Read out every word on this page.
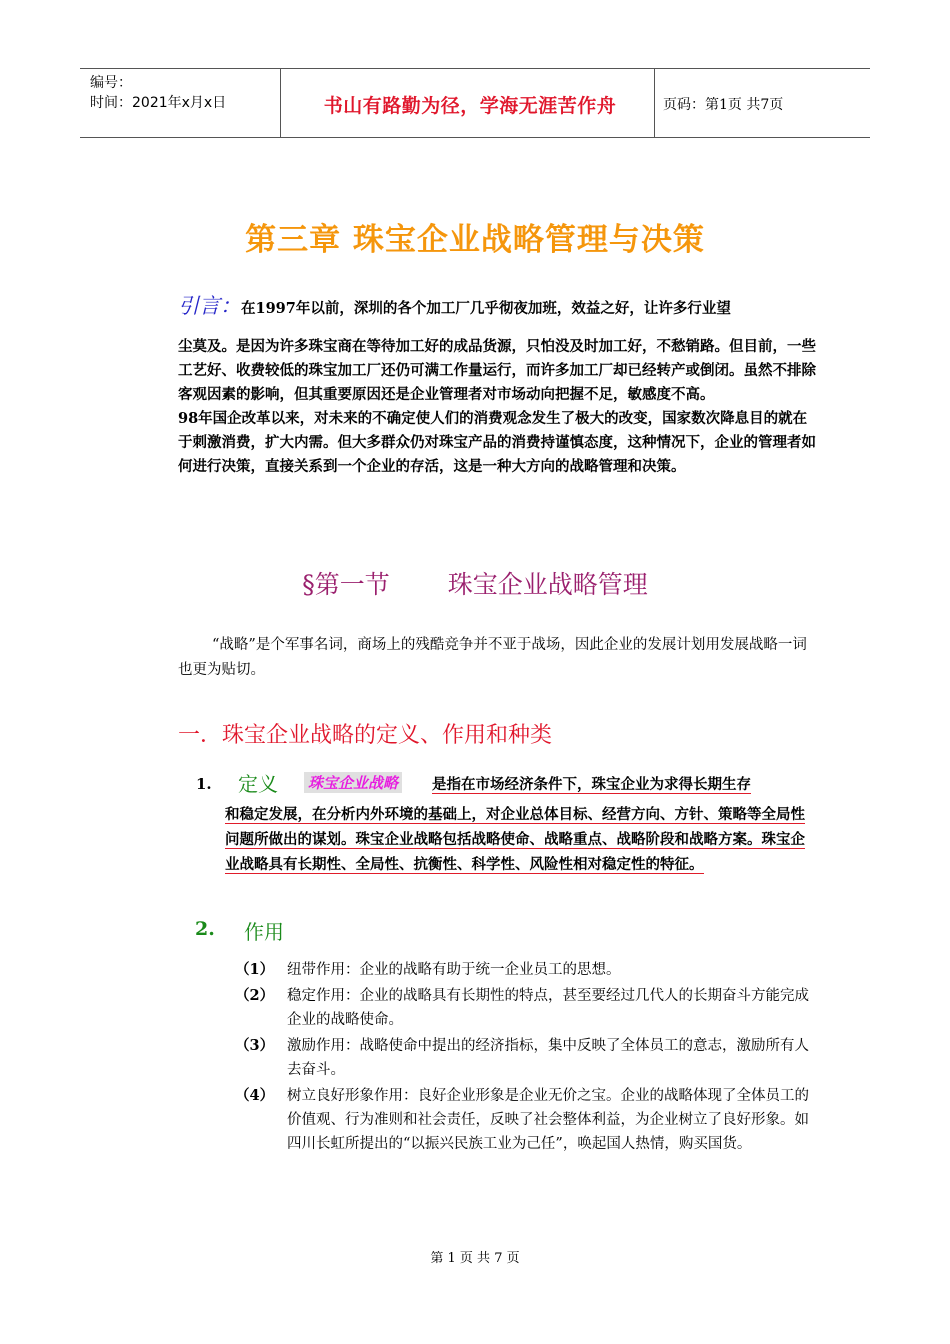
编号：
时间：2021年x月x日	书山有路勤为径，学海无涯苦作舟	页码：第1页 共7页
第三章 珠宝企业战略管理与决策

引言：在1997年以前，深圳的各个加工厂几乎彻夜加班，效益之好，让许多行业望

尘莫及。是因为许多珠宝商在等待加工好的成品货源，只怕没及时加工好，不愁销路。但目前，一些工艺好、收费较低的珠宝加工厂还仍可满工作量运行，而许多加工厂却已经转产或倒闭。虽然不排除客观因素的影响，但其重要原因还是企业管理者对市场动向把握不足，敏感度不高。

98年国企改革以来，对未来的不确定使人们的消费观念发生了极大的改变，国家数次降息目的就在于刺激消费，扩大内需。但大多群众仍对珠宝产品的消费持谨慎态度，这种情况下，企业的管理者如何进行决策，直接关系到一个企业的存活，这是一种大方向的战略管理和决策。

§第一节 珠宝企业战略管理

“战略”是个军事名词，商场上的残酷竞争并不亚于战场，因此企业的发展计划用发展战略一词也更为贴切。

一．珠宝企业战略的定义、作用和种类
1. 定义	是指在市场经济条件下，珠宝企业为求得长期生存

和稳定发展，在分析内外环境的基础上，对企业总体目标、经营方向、方针、策略等全局性问题所做出的谋划。珠宝企业战略包括战略使命、战略重点、战略阶段和战略方案。珠宝企业战略具有长期性、全局性、抗衡性、科学性、风险性相对稳定性的特征。

珠宝企业战略
2. 作用
（1） 纽带作用：企业的战略有助于统一企业员工的思想。
（2） 稳定作用：企业的战略具有长期性的特点，甚至要经过几代人的长期奋斗方能完成企业的战略使命。
（3） 激励作用：战略使命中提出的经济指标，集中反映了全体员工的意志，激励所有人去奋斗。
（4） 树立良好形象作用：良好企业形象是企业无价之宝。企业的战略体现了全体员工的价值观、行为准则和社会责任，反映了社会整体利益，为企业树立了良好形象。如四川长虹所提出的“以振兴民族工业为己任”，唤起国人热情，购买国货。
第 1 页 共 7 页
